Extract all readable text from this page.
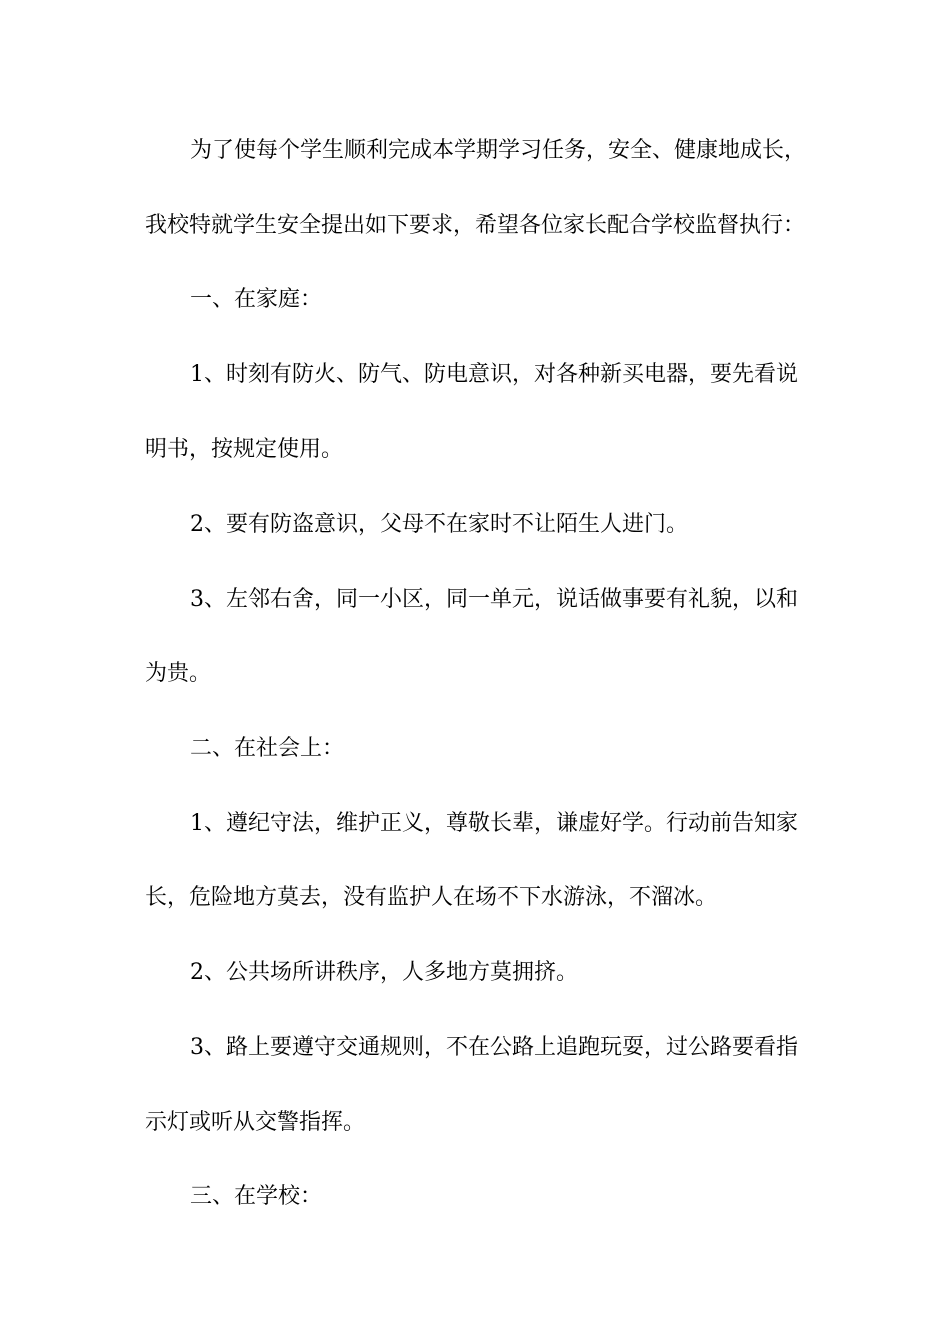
为了使每个学生顺利完成本学期学习任务，安全、健康地成长，

我校特就学生安全提出如下要求，希望各位家长配合学校监督执行：

一、在家庭：

1、时刻有防火、防气、防电意识，对各种新买电器，要先看说

明书，按规定使用。

2、要有防盗意识，父母不在家时不让陌生人进门。

3、左邻右舍，同一小区，同一单元，说话做事要有礼貌，以和

为贵。

二、在社会上：

1、遵纪守法，维护正义，尊敬长辈，谦虚好学。行动前告知家

长，危险地方莫去，没有监护人在场不下水游泳，不溜冰。

2、公共场所讲秩序，人多地方莫拥挤。

3、路上要遵守交通规则，不在公路上追跑玩耍，过公路要看指

示灯或听从交警指挥。

三、在学校：
